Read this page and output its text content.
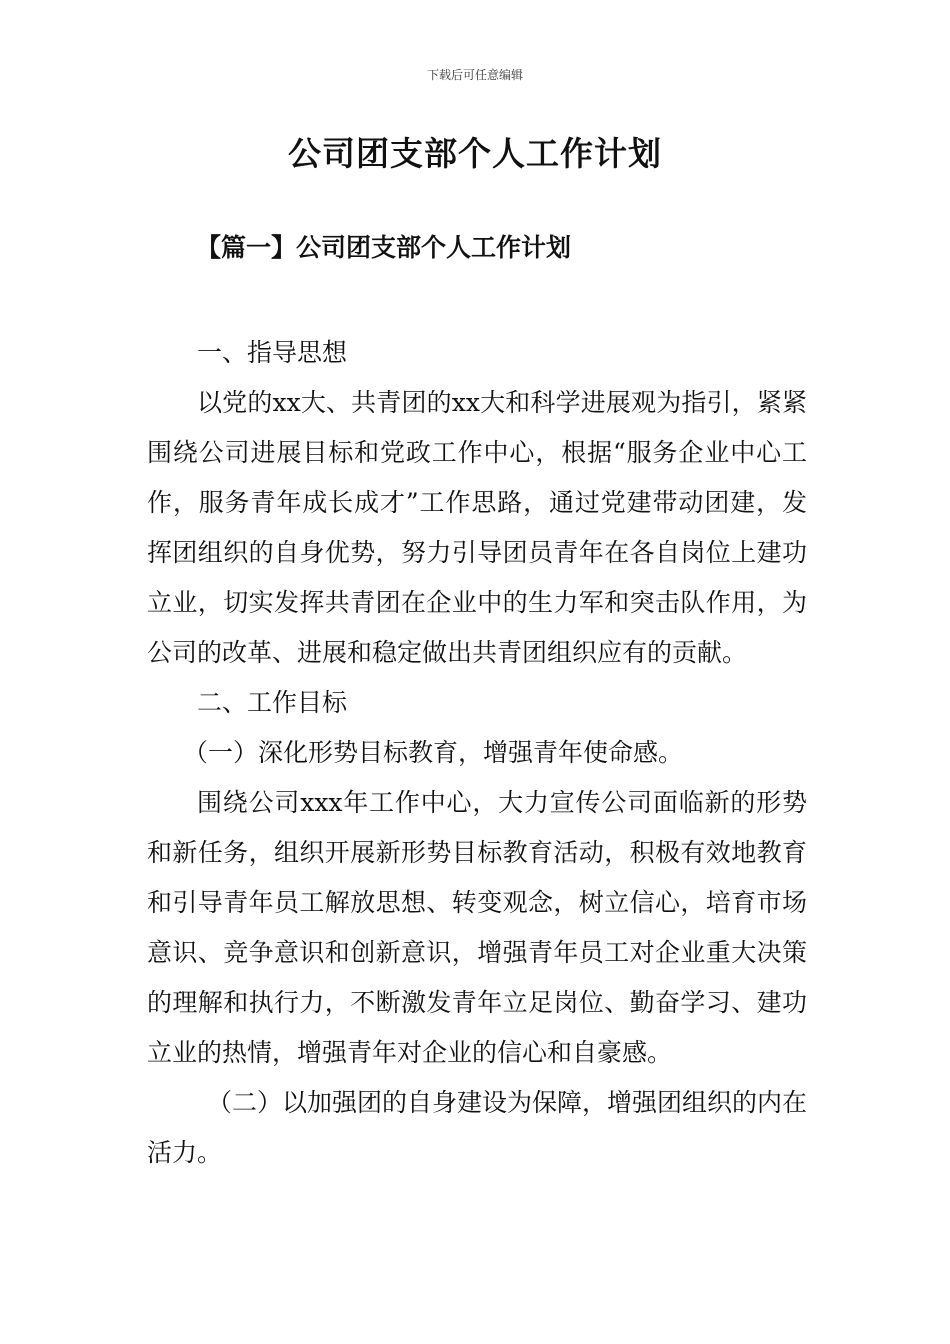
下载后可任意编辑
公司团支部个人工作计划
【篇一】公司团支部个人工作计划

一、指导思想

以党的xx大、共青团的xx大和科学进展观为指引，紧紧围绕公司进展目标和党政工作中心，根据“服务企业中心工作，服务青年成长成才”工作思路，通过党建带动团建，发挥团组织的自身优势，努力引导团员青年在各自岗位上建功立业，切实发挥共青团在企业中的生力军和突击队作用，为公司的改革、进展和稳定做出共青团组织应有的贡献。

二、工作目标

（一）深化形势目标教育，增强青年使命感。

围绕公司xxx年工作中心，大力宣传公司面临新的形势和新任务，组织开展新形势目标教育活动，积极有效地教育和引导青年员工解放思想、转变观念，树立信心，培育市场意识、竞争意识和创新意识，增强青年员工对企业重大决策的理解和执行力，不断激发青年立足岗位、勤奋学习、建功立业的热情，增强青年对企业的信心和自豪感。

（二）以加强团的自身建设为保障，增强团组织的内在活力。
